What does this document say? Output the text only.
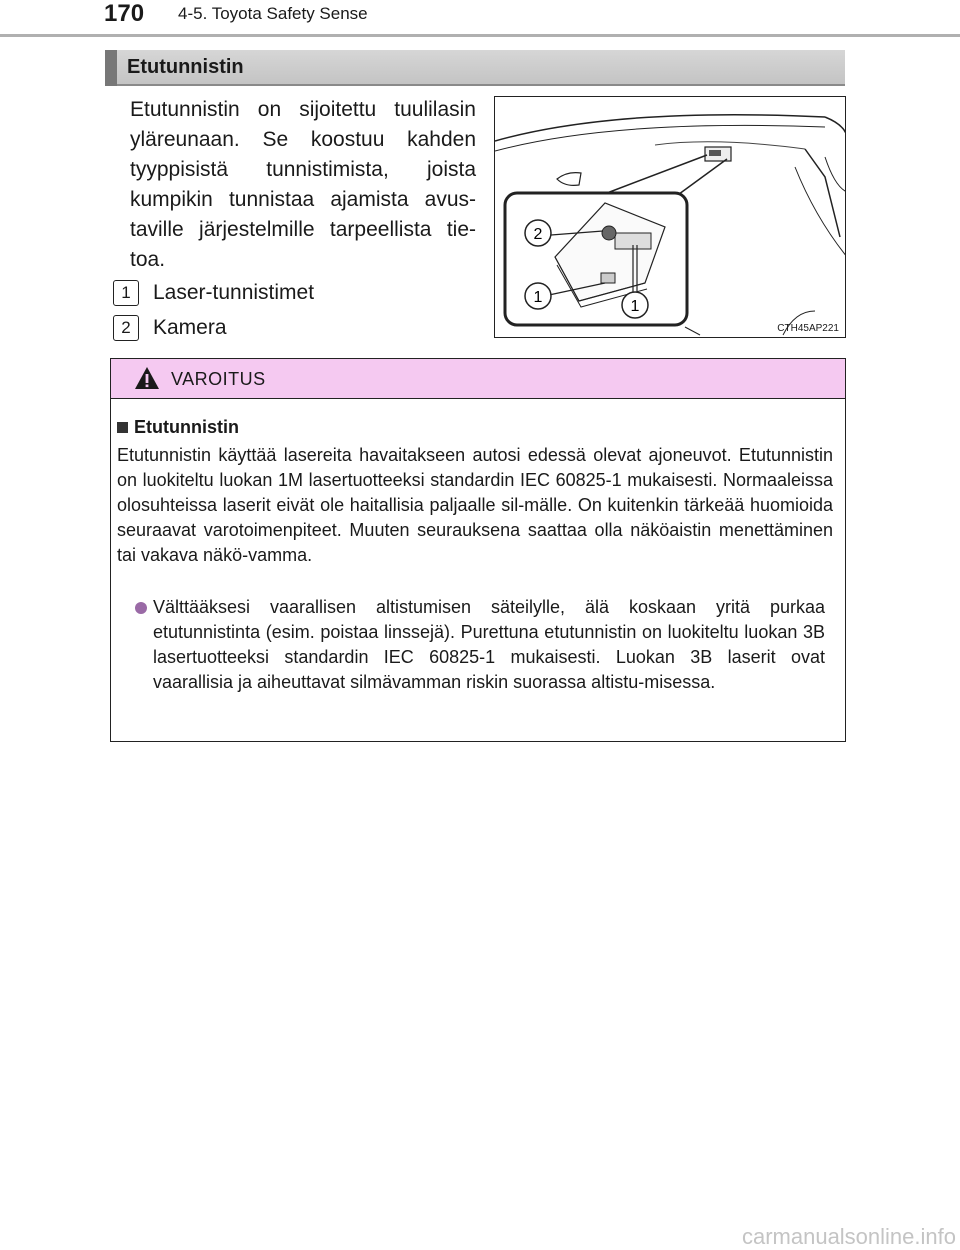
170 4-5. Toyota Safety Sense
Etutunnistin

Etutunnistin on sijoitettu tuulilasin yläreunaan. Se koostuu kahden tyyppisistä tunnistimista, joista kumpikin tunnistaa ajamista avus-taville järjestelmille tarpeellista tie-toa.

1	Laser-tunnistimet
2	Kamera
2
1
1
CTH45AP221
VAROITUS
Etutunnistin

Etutunnistin käyttää lasereita havaitakseen autosi edessä olevat ajoneuvot. Etutunnistin on luokiteltu luokan 1M lasertuotteeksi standardin IEC 60825-1 mukaisesti. Normaaleissa olosuhteissa laserit eivät ole haitallisia paljaalle sil-mälle. On kuitenkin tärkeää huomioida seuraavat varotoimenpiteet. Muuten seurauksena saattaa olla näköaistin menettäminen tai vakava näkö-vamma.

Välttääksesi vaarallisen altistumisen säteilylle, älä koskaan yritä purkaa etutunnistinta (esim. poistaa linssejä). Purettuna etutunnistin on luokiteltu luokan 3B lasertuotteeksi standardin IEC 60825-1 mukaisesti. Luokan 3B laserit ovat vaarallisia ja aiheuttavat silmävamman riskin suorassa altistu-misessa.
carmanualsonline.info
